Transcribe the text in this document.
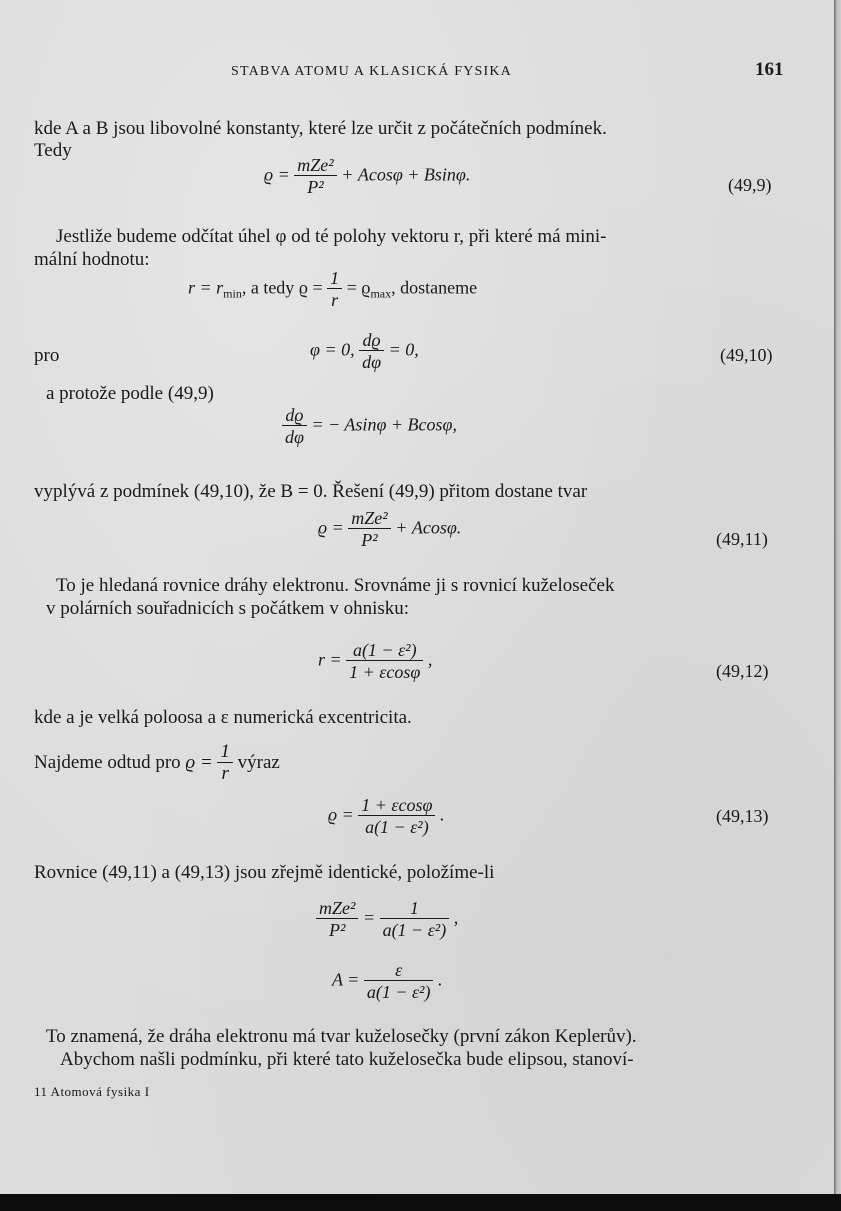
STABVA ATOMU A KLASICKÁ FYSIKA	161
kde A a B jsou libovolné konstanty, které lze určit z počátečních podmínek.
Tedy
$ϱ = \frac{\text{mZe²}}{\text{P²}} + Acos\varphi + Bsin\varphi$.
(49,9)
Jestliže budeme odčítat úhel φ od té polohy vektoru r, při které má mini-
mální hodnotu:
$r = r_{min}$, a tedy $ϱ = \frac{1}{r} = ϱ_{max}$, dostaneme
pro	φ = 0, $\frac{dϱ}{d\varphi} = 0$,	(49,10)
a protože podle (49,9)
$\frac{dϱ}{d\varphi}$ = − Asinφ + Bcosφ,
vyplývá z podmínek (49,10), že B = 0. Řešení (49,9) přitom dostane tvar
$ϱ = \frac{\text{mZe²}}{\text{P²}} + Acos\varphi$.
(49,11)
To je hledaná rovnice dráhy elektronu. Srovnáme ji s rovnicí kuželoseček
v polárních souřadnicích s počátkem v ohnisku:
$r = \frac{\text{a(1 − ε²)}}{1 + \varepsilon\cos\varphi}$ ,
(49,12)
kde a je velká poloosa a ε numerická excentricita.
Najdeme odtud pro $ϱ = \frac{1}{r}$ výraz
$ϱ = \frac{1 + \varepsilon\cos\varphi}{\text{a(1 − ε²)}}$ .	(49,13)
Rovnice (49,11) a (49,13) jsou zřejmě identické, položíme-li
$\frac{\text{mZe²}}{\text{P²}} = \frac{1}{\text{a(1 − ε²)}}$ ,
$A = \frac{\varepsilon}{\text{a(1 − ε²)}}$ .
To znamená, že dráha elektronu má tvar kuželosečky (první zákon Keplerův).
Abychom našli podmínku, při které tato kuželosečka bude elipsou, stanoví-
11 Atomová fysika I
